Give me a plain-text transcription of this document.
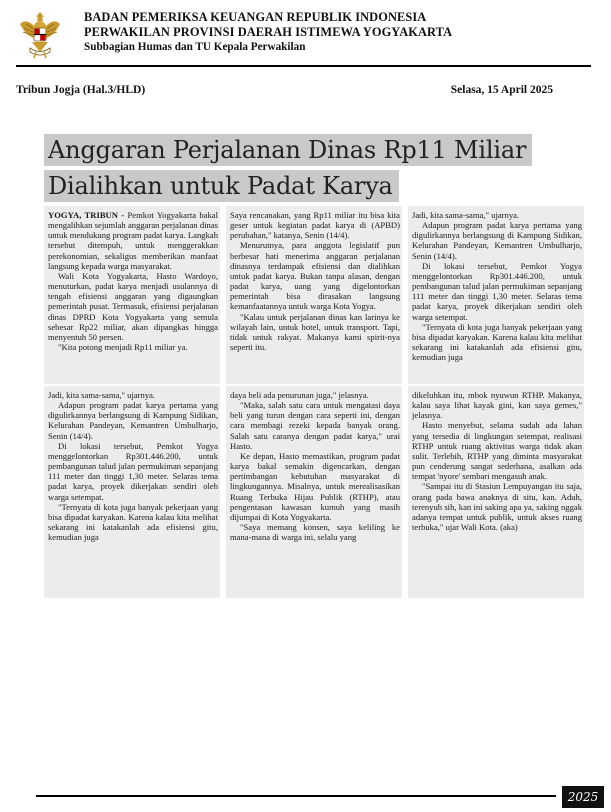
BADAN PEMERIKSA KEUANGAN REPUBLIK INDONESIA
PERWAKILAN PROVINSI DAERAH ISTIMEWA YOGYAKARTA
Subbagian Humas dan TU Kepala Perwakilan
Tribun Jogja (Hal.3/HLD)	Selasa, 15 April 2025
Anggaran Perjalanan Dinas Rp11 Miliar
Dialihkan untuk Padat Karya

YOGYA, TRIBUN - Pemkot Yogyakarta bakal mengalihkan sejumlah anggaran perjalanan dinas untuk mendukung program padat karya. Langkah tersebut ditempuh, untuk menggerakkan perekonomian, sekaligus memberikan manfaat langsung kepada warga masyarakat.

Wali Kota Yogyakarta, Hasto Wardoyo, menuturkan, padat karya menjadi usulannya di tengah efisiensi anggaran yang digaungkan pemerintah pusat. Termasuk, efisiensi perjalanan dinas DPRD Kota Yogyakarta yang semula sebesar Rp22 miliar, akan dipangkas hingga menyentuh 50 persen.

"Kita potong menjadi Rp11 miliar ya.

Saya rencanakan, yang Rp11 miliar itu bisa kita geser untuk kegiatan padat karya di (APBD) perubahan," katanya, Senin (14/4).

Menurutnya, para anggota legislatif pun berbesar hati menerima anggaran perjalanan dinasnya terdampak efisiensi dan dialihkan untuk padat karya. Bukan tanpa alasan, dengan padat karya, uang yang digelontorkan pemerintah bisa dirasakan langsung kemanfaatannya untuk warga Kota Yogya.

"Kalau untuk perjalanan dinas kan larinya ke wilayah lain, untuk hotel, untuk transport. Tapi, tidak untuk rakyat. Makanya kami spirit-nya seperti itu.

Jadi, kita sama-sama," ujarnya.

Adapun program padat karya pertama yang digulirkannya berlangsung di Kampung Sidikan, Kelurahan Pandeyan, Kemantren Umbulharjo, Senin (14/4).

Di lokasi tersebut, Pemkot Yogya menggelontorkan Rp301.446.200, untuk pembangunan talud jalan permukiman sepanjang 111 meter dan tinggi 1,30 meter. Selaras tema padat karya, proyek dikerjakan sendiri oleh warga setempat.

"Ternyata di kota juga banyak pekerjaan yang bisa dipadat karyakan. Karena kalau kita melihat sekarang ini katakanlah ada efisiensi gitu, kemudian juga

Jadi, kita sama-sama," ujarnya.

Adapun program padat karya pertama yang digulirkannya berlangsung di Kampung Sidikan, Kelurahan Pandeyan, Kemantren Umbulharjo, Senin (14/4).

Di lokasi tersebut, Pemkot Yogya menggelontorkan Rp301.446.200, untuk pembangunan talud jalan permukiman sepanjang 111 meter dan tinggi 1,30 meter. Selaras tema padat karya, proyek dikerjakan sendiri oleh warga setempat.

"Ternyata di kota juga banyak pekerjaan yang bisa dipadat karyakan. Karena kalau kita melihat sekarang ini katakanlah ada efisiensi gitu, kemudian juga

daya beli ada penurunan juga," jelasnya.

"Maka, salah satu cara untuk mengatasi daya beli yang turun dengan cara seperti ini, dengan cara membagi rezeki kepada banyak orang. Salah satu caranya dengan padat karya," urai Hasto.

Ke depan, Hasto memastikan, program padat karya bakal semakin digencarkan, dengan pertimbangan kebutuhan masyarakat di lingkungannya. Misalnya, untuk merealisasikan Ruang Terbuka Hijau Publik (RTHP), atau pengentasan kawasan kumuh yang masih dijumpai di Kota Yogyakarta.

"Saya memang konsen, saya keliling ke mana-mana di warga ini, selalu yang

dikeluhkan itu, mbok nyuwun RTHP. Makanya, kalau saya lihat kayak gini, kan saya gemes," jelasnya.

Hasto menyebut, selama sudah ada lahan yang tersedia di lingkungan setempat, realisasi RTHP untuk ruang aktivitas warga tidak akan sulit. Terlebih, RTHP yang diminta masyarakat pun cenderung sangat sederhana, asalkan ada tempat 'nyore' sembari mengasuh anak.

"Sampai itu di Stasiun Lempuyangan itu saja, orang pada bawa anaknya di situ, kan. Aduh, terenyuh sih, kan ini saking apa ya, saking nggak adanya tempat untuk publik, untuk akses ruang terbuka," ujar Wali Kota. (aka)

2025
